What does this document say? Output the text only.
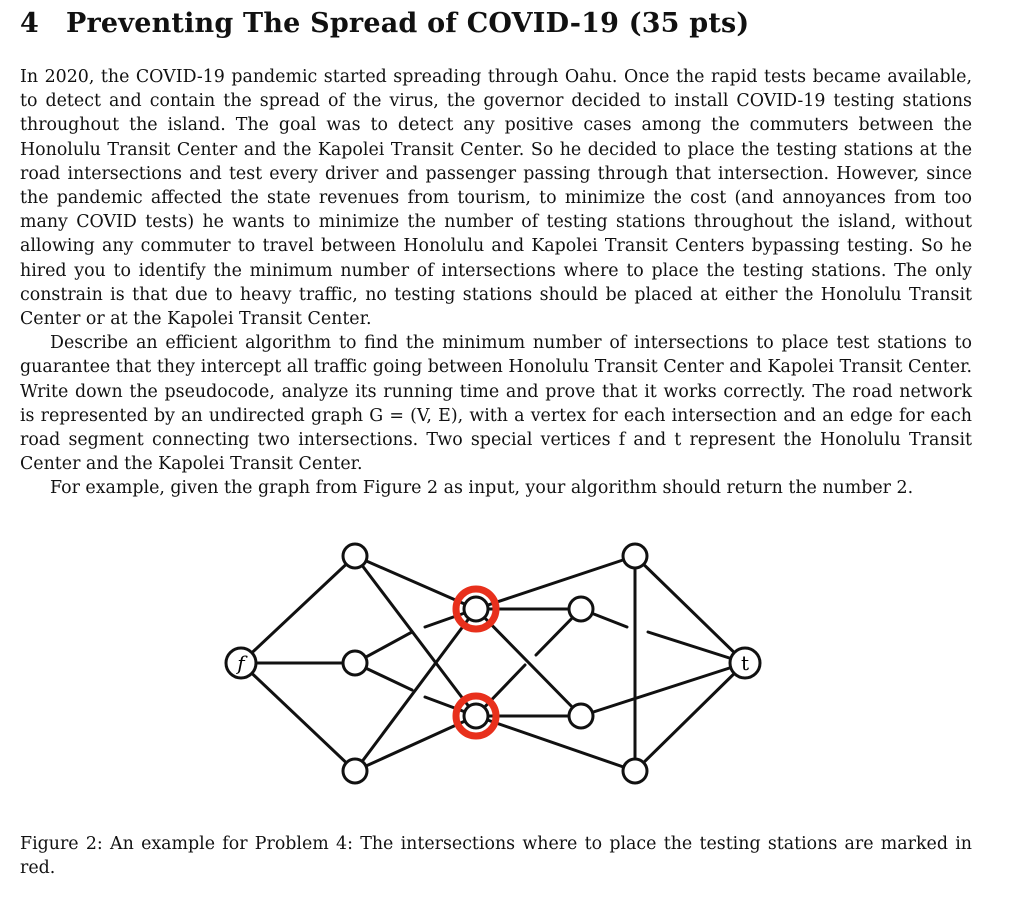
4 Preventing The Spread of COVID-19 (35 pts)

In 2020, the COVID-19 pandemic started spreading through Oahu. Once the rapid tests became available, to detect and contain the spread of the virus, the governor decided to install COVID-19 testing stations throughout the island. The goal was to detect any positive cases among the commuters between the Honolulu Transit Center and the Kapolei Transit Center. So he decided to place the testing stations at the road intersections and test every driver and passenger passing through that intersection. However, since the pandemic affected the state revenues from tourism, to minimize the cost (and annoyances from too many COVID tests) he wants to minimize the number of testing stations throughout the island, without allowing any commuter to travel between Honolulu and Kapolei Transit Centers bypassing testing. So he hired you to identify the minimum number of intersections where to place the testing stations. The only constrain is that due to heavy traffic, no testing stations should be placed at either the Honolulu Transit Center or at the Kapolei Transit Center.

Describe an efficient algorithm to find the minimum number of intersections to place test stations to guarantee that they intercept all traffic going between Honolulu Transit Center and Kapolei Transit Center. Write down the pseudocode, analyze its running time and prove that it works correctly. The road network is represented by an undirected graph G = (V, E), with a vertex for each intersection and an edge for each road segment connecting two intersections. Two special vertices f and t represent the Honolulu Transit Center and the Kapolei Transit Center.

For example, given the graph from Figure 2 as input, your algorithm should return the number 2.

f	t

Figure 2: An example for Problem 4: The intersections where to place the testing stations are marked in red.
